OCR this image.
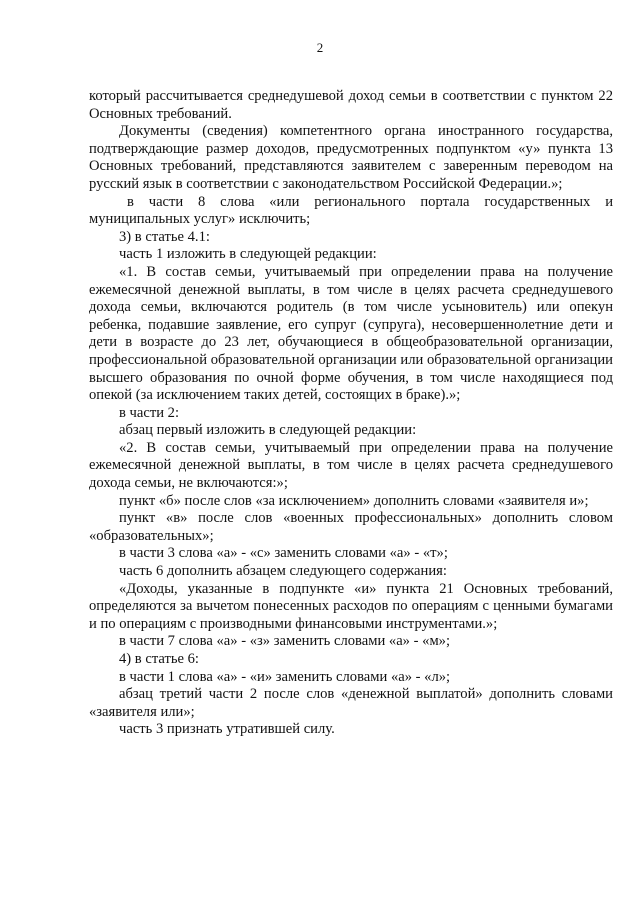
2

который рассчитывается среднедушевой доход семьи в соответствии с пунктом 22 Основных требований.

Документы (сведения) компетентного органа иностранного государства, подтверждающие размер доходов, предусмотренных подпунктом «у» пункта 13 Основных требований, представляются заявителем с заверенным переводом на русский язык в соответствии с законодательством Российской Федерации.»;

в части 8 слова «или регионального портала государственных и муниципальных услуг» исключить;

3) в статье 4.1:

часть 1 изложить в следующей редакции:

«1. В состав семьи, учитываемый при определении права на получение ежемесячной денежной выплаты, в том числе в целях расчета среднедушевого дохода семьи, включаются родитель (в том числе усыновитель) или опекун ребенка, подавшие заявление, его супруг (супруга), несовершеннолетние дети и дети в возрасте до 23 лет, обучающиеся в общеобразовательной организации, профессиональной образовательной организации или образовательной организации высшего образования по очной форме обучения, в том числе находящиеся под опекой (за исключением таких детей, состоящих в браке).»;

в части 2:

абзац первый изложить в следующей редакции:

«2. В состав семьи, учитываемый при определении права на получение ежемесячной денежной выплаты, в том числе в целях расчета среднедушевого дохода семьи, не включаются:»;

пункт «б» после слов «за исключением» дополнить словами «заявителя и»;

пункт «в» после слов «военных профессиональных» дополнить словом «образовательных»;

в части 3 слова «а» - «с» заменить словами «а» - «т»;

часть 6 дополнить абзацем следующего содержания:

«Доходы, указанные в подпункте «и» пункта 21 Основных требований, определяются за вычетом понесенных расходов по операциям с ценными бумагами и по операциям с производными финансовыми инструментами.»;

в части 7 слова «а» - «з» заменить словами «а» - «м»;

4) в статье 6:

в части 1 слова «а» - «и» заменить словами «а» - «л»;

абзац третий части 2 после слов «денежной выплатой» дополнить словами «заявителя или»;

часть 3 признать утратившей силу.
